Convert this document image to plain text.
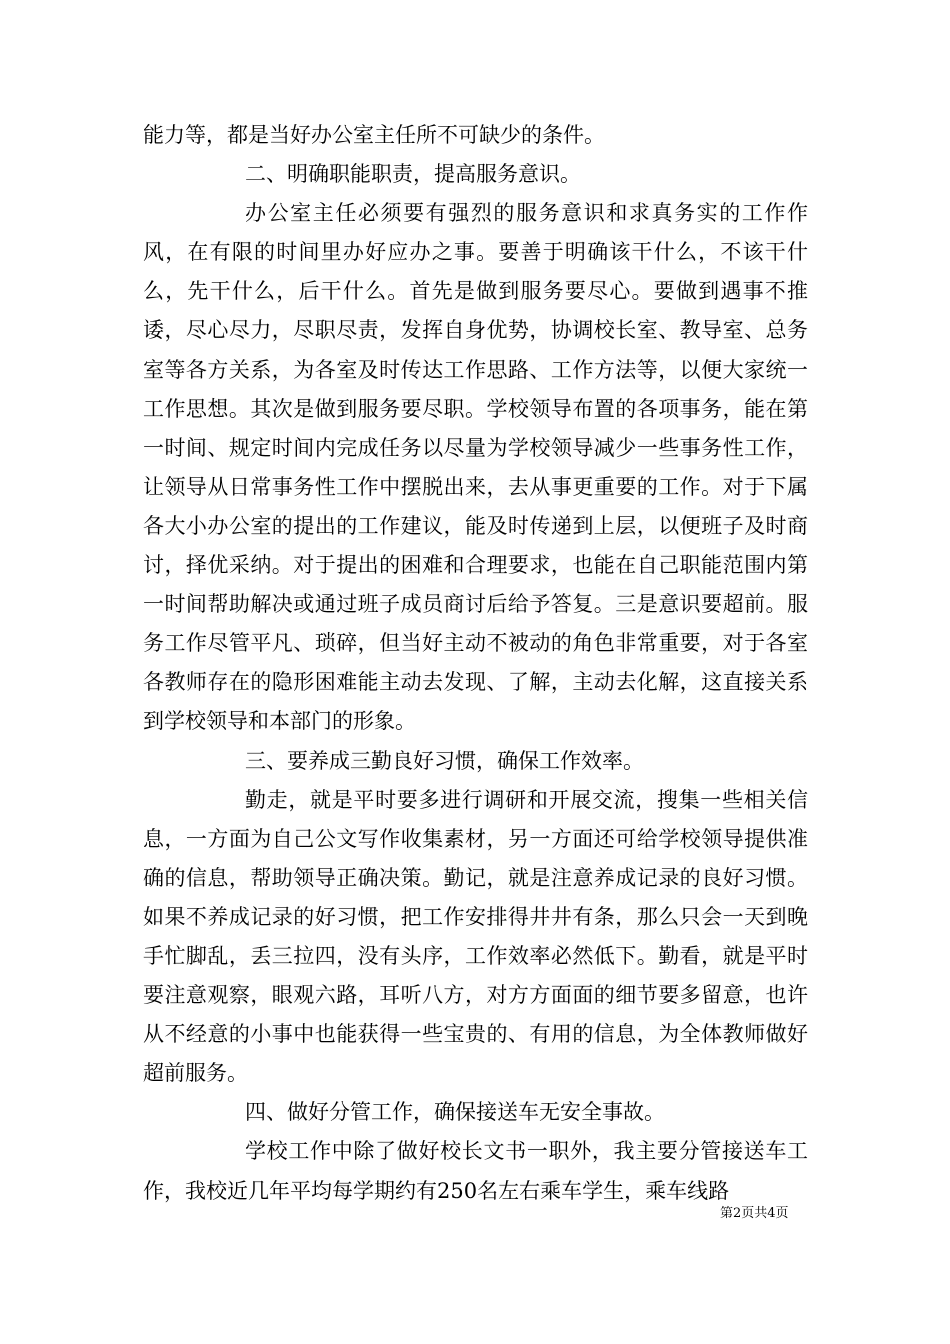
能力等，都是当好办公室主任所不可缺少的条件。

二、明确职能职责，提高服务意识。

办公室主任必须要有强烈的服务意识和求真务实的工作作风，在有限的时间里办好应办之事。要善于明确该干什么，不该干什么，先干什么，后干什么。首先是做到服务要尽心。要做到遇事不推诿，尽心尽力，尽职尽责，发挥自身优势，协调校长室、教导室、总务室等各方关系，为各室及时传达工作思路、工作方法等，以便大家统一工作思想。其次是做到服务要尽职。学校领导布置的各项事务，能在第一时间、规定时间内完成任务以尽量为学校领导减少一些事务性工作，让领导从日常事务性工作中摆脱出来，去从事更重要的工作。对于下属各大小办公室的提出的工作建议，能及时传递到上层，以便班子及时商讨，择优采纳。对于提出的困难和合理要求，也能在自己职能范围内第一时间帮助解决或通过班子成员商讨后给予答复。三是意识要超前。服务工作尽管平凡、琐碎，但当好主动不被动的角色非常重要，对于各室各教师存在的隐形困难能主动去发现、了解，主动去化解，这直接关系到学校领导和本部门的形象。

三、要养成三勤良好习惯，确保工作效率。

勤走，就是平时要多进行调研和开展交流，搜集一些相关信息，一方面为自己公文写作收集素材，另一方面还可给学校领导提供准确的信息，帮助领导正确决策。勤记，就是注意养成记录的良好习惯。如果不养成记录的好习惯，把工作安排得井井有条，那么只会一天到晚手忙脚乱，丢三拉四，没有头序，工作效率必然低下。勤看，就是平时要注意观察，眼观六路，耳听八方，对方方面面的细节要多留意，也许从不经意的小事中也能获得一些宝贵的、有用的信息，为全体教师做好超前服务。

四、做好分管工作，确保接送车无安全事故。

学校工作中除了做好校长文书一职外，我主要分管接送车工作，我校近几年平均每学期约有250名左右乘车学生，乘车线路

第2页共4页
